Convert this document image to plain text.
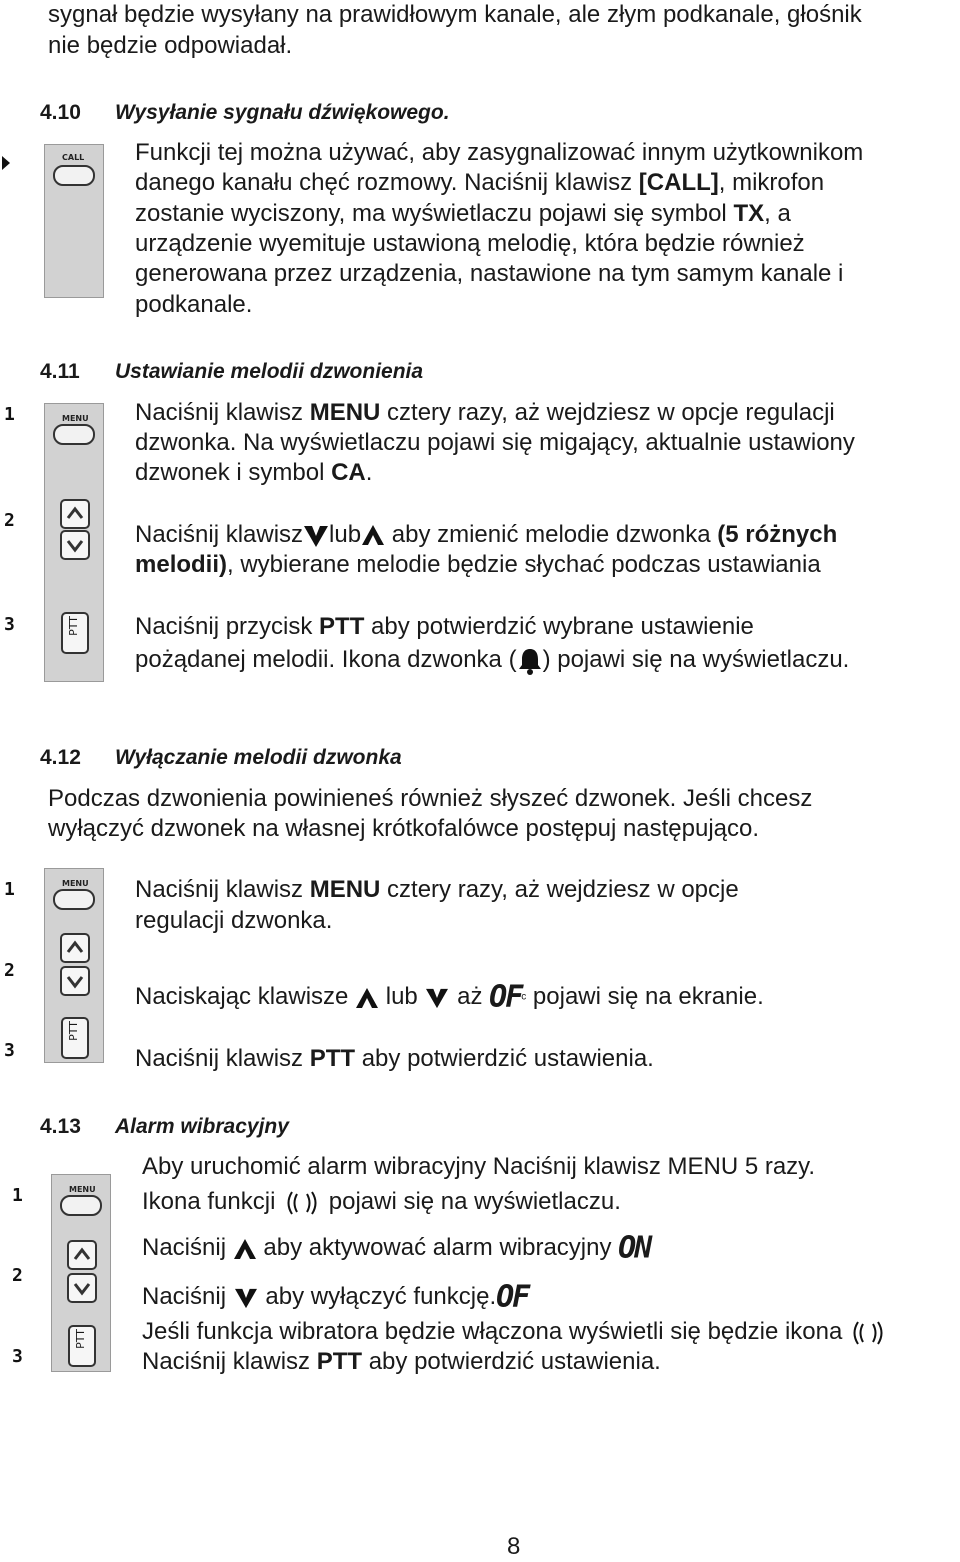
sygnał będzie wysyłany na prawidłowym kanale, ale złym podkanale, głośnik
nie będzie odpowiadał.
4.10 Wysyłanie sygnału dźwiękowego.
CALL Funkcji tej można używać, aby zasygnalizować innym użytkownikom
danego kanału chęć rozmowy. Naciśnij klawisz [CALL], mikrofon
zostanie wyciszony, ma wyświetlaczu pojawi się symbol TX, a
urządzenie wyemituje ustawioną melodię, która będzie również
generowana przez urządzenia, nastawione na tym samym kanale i
podkanale.
4.11 Ustawianie melodii dzwonienia
MENU
PTT
1
2
3
Naciśnij klawisz MENU cztery razy, aż wejdziesz w opcje regulacji
dzwonka. Na wyświetlaczu pojawi się migający, aktualnie ustawiony
dzwonek i symbol CA.
Naciśnij klawisz lub aby zmienić melodie dzwonka (5 różnych
melodii), wybierane melodie będzie słychać podczas ustawiania
Naciśnij przycisk PTT aby potwierdzić wybrane ustawienie
pożądanej melodii. Ikona dzwonka ( ) pojawi się na wyświetlaczu.
4.12 Wyłączanie melodii dzwonka
Podczas dzwonienia powinieneś również słyszeć dzwonek. Jeśli chcesz
wyłączyć dzwonek na własnej krótkofalówce postępuj następująco.
MENU
PTT
1
2
3
Naciśnij klawisz MENU cztery razy, aż wejdziesz w opcje
regulacji dzwonka.
Naciskając klawisze  lub  aż OFc pojawi się na ekranie.
Naciśnij klawisz PTT aby potwierdzić ustawienia.
4.13 Alarm wibracyjny
MENU
PTT
1
2
3
Aby uruchomić alarm wibracyjny Naciśnij klawisz MENU 5 razy.
Ikona funkcji  pojawi się na wyświetlaczu.
Naciśnij  aby aktywować alarm wibracyjny ON
Naciśnij  aby wyłączyć funkcję.OF
Jeśli funkcja wibratora będzie włączona wyświetli się będzie ikona
Naciśnij klawisz PTT aby potwierdzić ustawienia.
8
